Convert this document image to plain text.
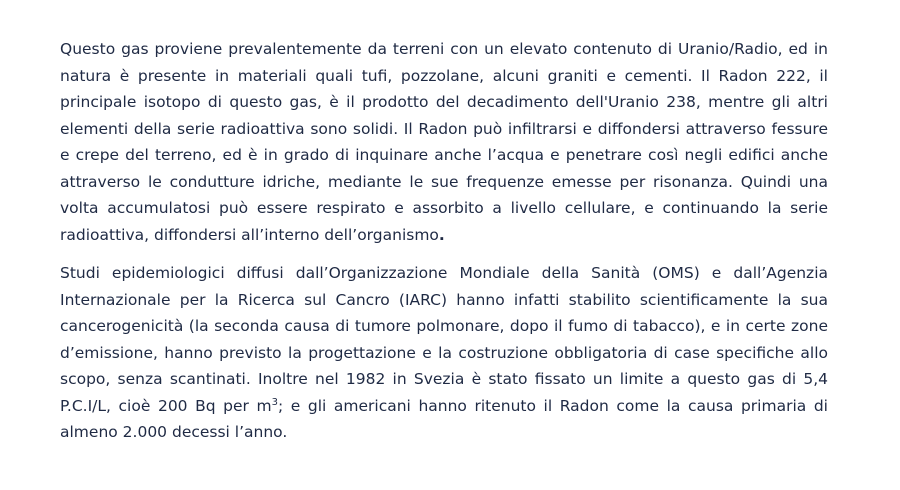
Questo gas proviene prevalentemente da terreni con un elevato contenuto di Uranio/Radio, ed in natura è presente in materiali quali tufi, pozzolane, alcuni graniti e cementi. Il Radon 222, il principale isotopo di questo gas, è il prodotto del decadimento dell'Uranio 238, mentre gli altri elementi della serie radioattiva sono solidi. Il Radon può infiltrarsi e diffondersi attraverso fessure e crepe del terreno, ed è in grado di inquinare anche l’acqua e penetrare così negli edifici anche attraverso le condutture idriche, mediante le sue frequenze emesse per risonanza. Quindi una volta accumulatosi può essere respirato e assorbito a livello cellulare, e continuando la serie radioattiva, diffondersi all’interno dell’organismo.

Studi epidemiologici diffusi dall’Organizzazione Mondiale della Sanità (OMS) e dall’Agenzia Internazionale per la Ricerca sul Cancro (IARC) hanno infatti stabilito scientificamente la sua cancerogenicità (la seconda causa di tumore polmonare, dopo il fumo di tabacco), e in certe zone d’emissione, hanno previsto la progettazione e la costruzione obbligatoria di case specifiche allo scopo, senza scantinati. Inoltre nel 1982 in Svezia è stato fissato un limite a questo gas di 5,4 P.C.I/L, cioè 200 Bq per $m^3$; e gli americani hanno ritenuto il Radon come la causa primaria di almeno 2.000 decessi l’anno.
